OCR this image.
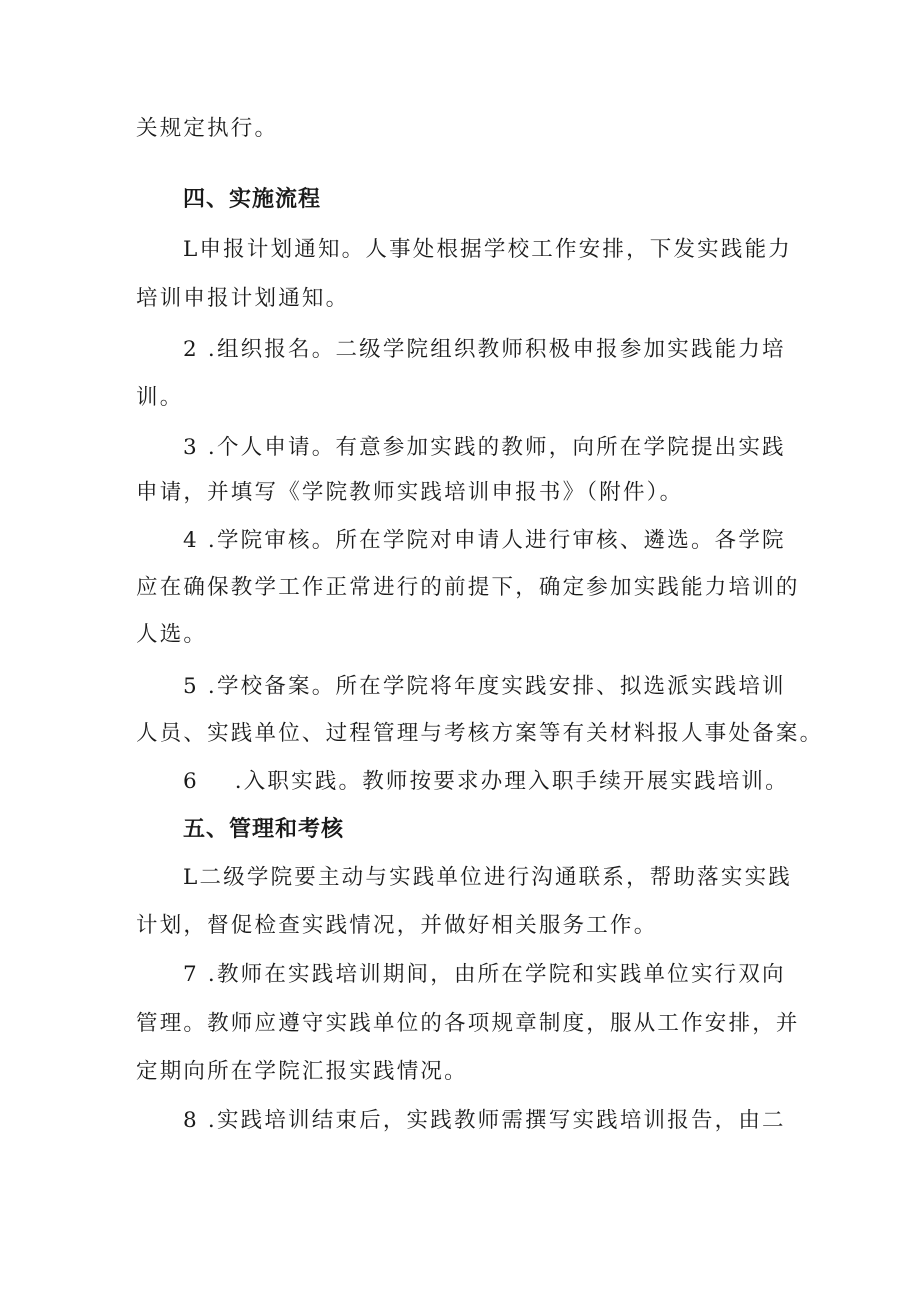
关规定执行。
四、实施流程
L申报计划通知。人事处根据学校工作安排，下发实践能力
培训申报计划通知。
2 .组织报名。二级学院组织教师积极申报参加实践能力培
训。
3 .个人申请。有意参加实践的教师，向所在学院提出实践
申请，并填写《学院教师实践培训申报书》（附件）。
4 .学院审核。所在学院对申请人进行审核、遴选。各学院
应在确保教学工作正常进行的前提下，确定参加实践能力培训的
人选。
5 .学校备案。所在学院将年度实践安排、拟选派实践培训
人员、实践单位、过程管理与考核方案等有关材料报人事处备案。
6 .入职实践。教师按要求办理入职手续开展实践培训。
五、管理和考核
L二级学院要主动与实践单位进行沟通联系，帮助落实实践
计划，督促检查实践情况，并做好相关服务工作。
7 .教师在实践培训期间，由所在学院和实践单位实行双向
管理。教师应遵守实践单位的各项规章制度，服从工作安排，并
定期向所在学院汇报实践情况。
8 .实践培训结束后，实践教师需撰写实践培训报告，由二
